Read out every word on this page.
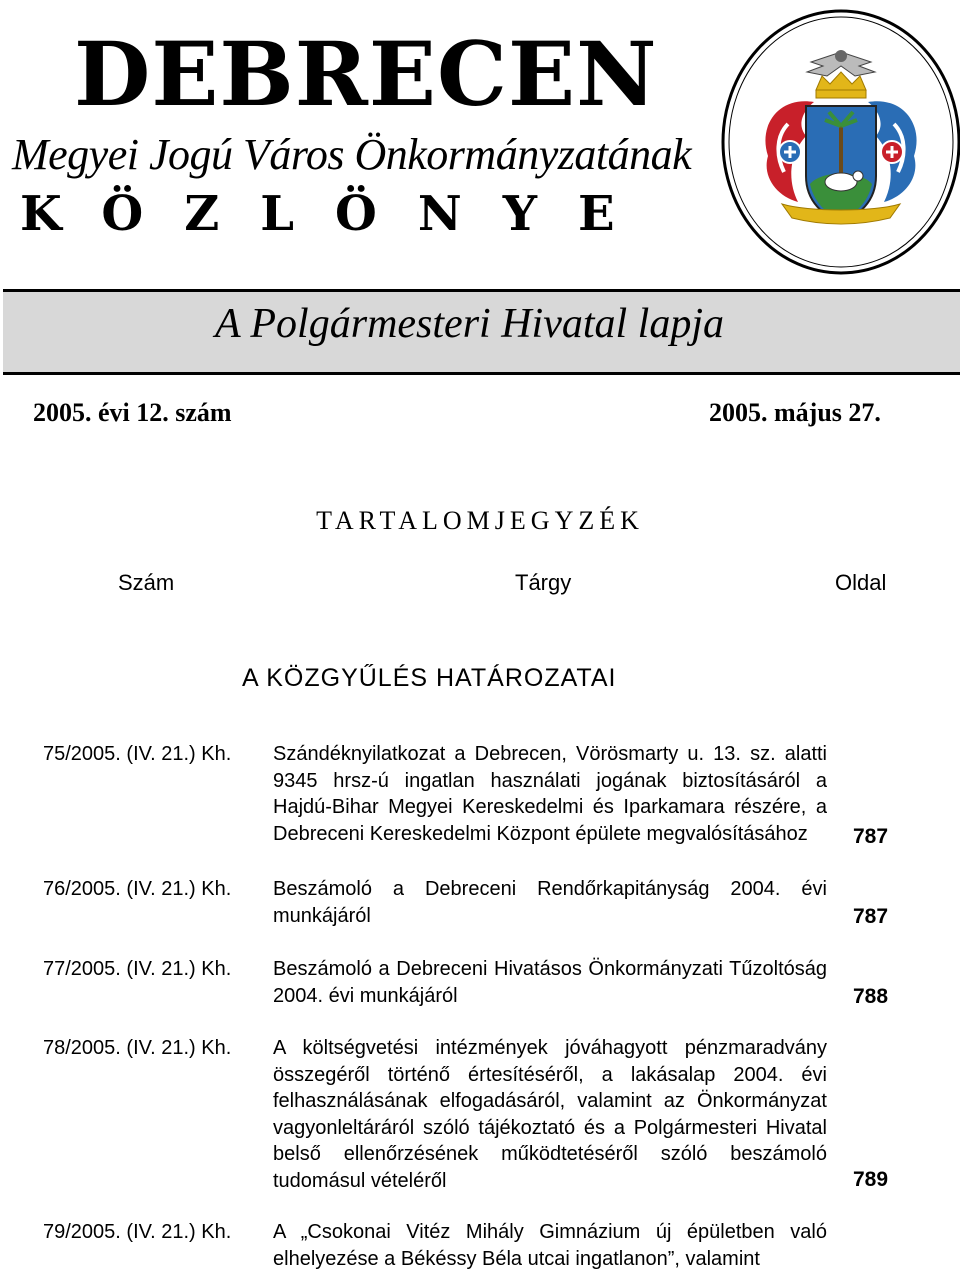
DEBRECEN
Megyei Jogú Város Önkormányzatának
KÖZLÖNYE
A Polgármesteri Hivatal lapja
2005. évi 12. szám	2005. május 27.
TARTALOMJEGYZÉK
Szám	Tárgy	Oldal
A KÖZGYŰLÉS HATÁROZATAI
75/2005. (IV. 21.) Kh. Szándéknyilatkozat a Debrecen, Vörösmarty u. 13. sz. alatti 9345 hrsz-ú ingatlan használati jogának biztosításáról a Hajdú-Bihar Megyei Kereskedelmi és Iparkamara részére, a Debreceni Kereskedelmi Központ épülete megvalósításához	787
76/2005. (IV. 21.) Kh. Beszámoló a Debreceni Rendőrkapitányság 2004. évi munkájáról	787
77/2005. (IV. 21.) Kh. Beszámoló a Debreceni Hivatásos Önkormányzati Tűzoltóság 2004. évi munkájáról	788
78/2005. (IV. 21.) Kh. A költségvetési intézmények jóváhagyott pénzmaradvány összegéről történő értesítéséről, a lakásalap 2004. évi felhasználásának elfogadásáról, valamint az Önkormányzat vagyonleltáráról szóló tájékoztató és a Polgármesteri Hivatal belső ellenőrzésének működtetéséről szóló beszámoló tudomásul vételéről	789
79/2005. (IV. 21.) Kh. A „Csokonai Vitéz Mihály Gimnázium új épületben való elhelyezése a Békéssy Béla utcai ingatlanon”, valamint
